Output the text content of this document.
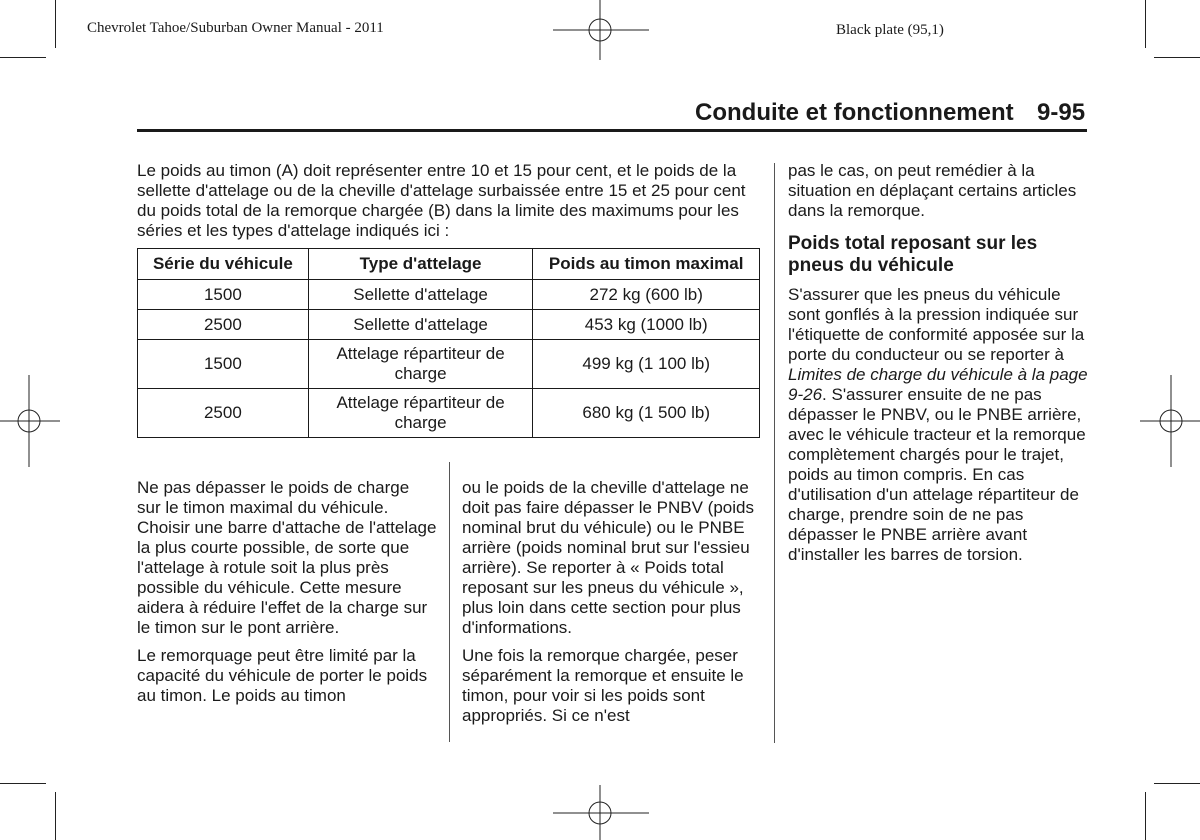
Chevrolet Tahoe/Suburban Owner Manual - 2011	Black plate (95,1)
Conduite et fonctionnement 9-95

Le poids au timon (A) doit représenter entre 10 et 15 pour cent, et le poids de la sellette d'attelage ou de la cheville d'attelage surbaissée entre 15 et 25 pour cent du poids total de la remorque chargée (B) dans la limite des maximums pour les séries et les types d'attelage indiqués ici :

Série du véhicule	Type d'attelage	Poids au timon maximal
1500	Sellette d'attelage	272 kg (600 lb)
2500	Sellette d'attelage	453 kg (1000 lb)
1500	Attelage répartiteur de charge	499 kg (1 100 lb)
2500	Attelage répartiteur de charge	680 kg (1 500 lb)

Ne pas dépasser le poids de charge sur le timon maximal du véhicule. Choisir une barre d'attache de l'attelage la plus courte possible, de sorte que l'attelage à rotule soit la plus près possible du véhicule. Cette mesure aidera à réduire l'effet de la charge sur le timon sur le pont arrière.

Le remorquage peut être limité par la capacité du véhicule de porter le poids au timon. Le poids au timon

ou le poids de la cheville d'attelage ne doit pas faire dépasser le PNBV (poids nominal brut du véhicule) ou le PNBE arrière (poids nominal brut sur l'essieu arrière). Se reporter à « Poids total reposant sur les pneus du véhicule », plus loin dans cette section pour plus d'informations.

Une fois la remorque chargée, peser séparément la remorque et ensuite le timon, pour voir si les poids sont appropriés. Si ce n'est

pas le cas, on peut remédier à la situation en déplaçant certains articles dans la remorque.

Poids total reposant sur les pneus du véhicule

S'assurer que les pneus du véhicule sont gonflés à la pression indiquée sur l'étiquette de conformité apposée sur la porte du conducteur ou se reporter à Limites de charge du véhicule à la page 9-26. S'assurer ensuite de ne pas dépasser le PNBV, ou le PNBE arrière, avec le véhicule tracteur et la remorque complètement chargés pour le trajet, poids au timon compris. En cas d'utilisation d'un attelage répartiteur de charge, prendre soin de ne pas dépasser le PNBE arrière avant d'installer les barres de torsion.
